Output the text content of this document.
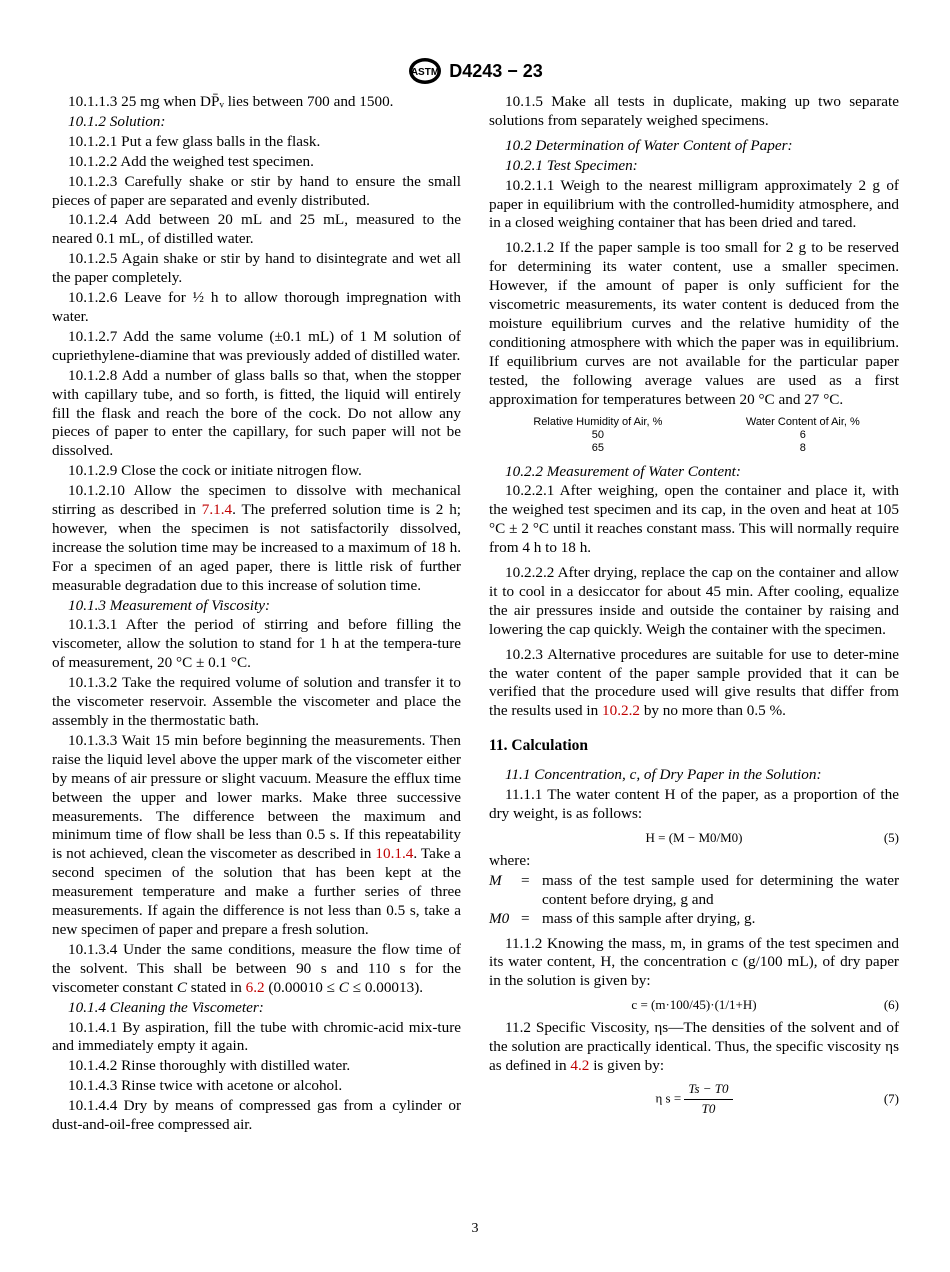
ASTM D4243 − 23

10.1.1.3 25 mg when DP̄ᵥ lies between 700 and 1500.

10.1.2 Solution:

10.1.2.1 Put a few glass balls in the flask.

10.1.2.2 Add the weighed test specimen.

10.1.2.3 Carefully shake or stir by hand to ensure the small pieces of paper are separated and evenly distributed.

10.1.2.4 Add between 20 mL and 25 mL, measured to the neared 0.1 mL, of distilled water.

10.1.2.5 Again shake or stir by hand to disintegrate and wet all the paper completely.

10.1.2.6 Leave for ½ h to allow thorough impregnation with water.

10.1.2.7 Add the same volume (±0.1 mL) of 1 M solution of cupriethylene-diamine that was previously added of distilled water.

10.1.2.8 Add a number of glass balls so that, when the stopper with capillary tube, and so forth, is fitted, the liquid will entirely fill the flask and reach the bore of the cock. Do not allow any pieces of paper to enter the capillary, for such paper will not be dissolved.

10.1.2.9 Close the cock or initiate nitrogen flow.

10.1.2.10 Allow the specimen to dissolve with mechanical stirring as described in 7.1.4. The preferred solution time is 2 h; however, when the specimen is not satisfactorily dissolved, increase the solution time may be increased to a maximum of 18 h. For a specimen of an aged paper, there is little risk of further measurable degradation due to this increase of solution time.

10.1.3 Measurement of Viscosity:

10.1.3.1 After the period of stirring and before filling the viscometer, allow the solution to stand for 1 h at the tempera-ture of measurement, 20 °C ± 0.1 °C.

10.1.3.2 Take the required volume of solution and transfer it to the viscometer reservoir. Assemble the viscometer and place the assembly in the thermostatic bath.

10.1.3.3 Wait 15 min before beginning the measurements. Then raise the liquid level above the upper mark of the viscometer either by means of air pressure or slight vacuum. Measure the efflux time between the upper and lower marks. Make three successive measurements. The difference between the maximum and minimum time of flow shall be less than 0.5 s. If this repeatability is not achieved, clean the viscometer as described in 10.1.4. Take a second specimen of the solution that has been kept at the measurement temperature and make a further series of three measurements. If again the difference is not less than 0.5 s, take a new specimen of paper and prepare a fresh solution.

10.1.3.4 Under the same conditions, measure the flow time of the solvent. This shall be between 90 s and 110 s for the viscometer constant C stated in 6.2 (0.00010 ≤ C ≤ 0.00013).

10.1.4 Cleaning the Viscometer:

10.1.4.1 By aspiration, fill the tube with chromic-acid mix-ture and immediately empty it again.

10.1.4.2 Rinse thoroughly with distilled water.

10.1.4.3 Rinse twice with acetone or alcohol.

10.1.4.4 Dry by means of compressed gas from a cylinder or dust-and-oil-free compressed air.

10.1.5 Make all tests in duplicate, making up two separate solutions from separately weighed specimens.

10.2 Determination of Water Content of Paper:

10.2.1 Test Specimen:

10.2.1.1 Weigh to the nearest milligram approximately 2 g of paper in equilibrium with the controlled-humidity atmosphere, and in a closed weighing container that has been dried and tared.

10.2.1.2 If the paper sample is too small for 2 g to be reserved for determining its water content, use a smaller specimen. However, if the amount of paper is only sufficient for the viscometric measurements, its water content is deduced from the moisture equilibrium curves and the relative humidity of the conditioning atmosphere with which the paper was in equilibrium. If equilibrium curves are not available for the particular paper tested, the following average values are used as a first approximation for temperatures between 20 °C and 27 °C.

Relative Humidity of Air, %	Water Content of Air, %
50	6
65	8

10.2.2 Measurement of Water Content:

10.2.2.1 After weighing, open the container and place it, with the weighed test specimen and its cap, in the oven and heat at 105 °C ± 2 °C until it reaches constant mass. This will normally require from 4 h to 18 h.

10.2.2.2 After drying, replace the cap on the container and allow it to cool in a desiccator for about 45 min. After cooling, equalize the air pressures inside and outside the container by raising and lowering the cap quickly. Weigh the container with the specimen.

10.2.3 Alternative procedures are suitable for use to deter-mine the water content of the paper sample provided that it can be verified that the procedure used will give results that differ from the results used in 10.2.2 by no more than 0.5 %.

11. Calculation

11.1 Concentration, c, of Dry Paper in the Solution:

11.1.1 The water content H of the paper, as a proportion of the dry weight, is as follows:

H = (M − M0/M0)	(5)

where:

M	= mass of the test sample used for determining the water content before drying, g and
M0 = mass of this sample after drying, g.

11.1.2 Knowing the mass, m, in grams of the test specimen and its water content, H, the concentration c (g/100 mL), of dry paper in the solution is given by:

c = (m·100/45)·(1/1+H)	(6)

11.2 Specific Viscosity, ηs—The densities of the solvent and of the solution are practically identical. Thus, the specific viscosity ηs as defined in 4.2 is given by:

η $s = \frac{Ts - T0}{T0}$	(7)
3
